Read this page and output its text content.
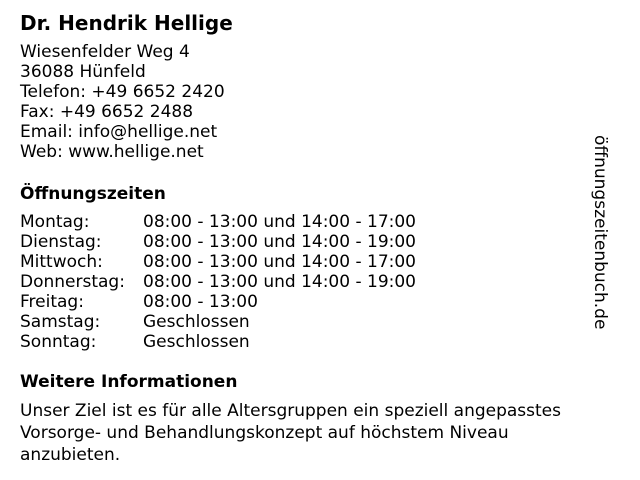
Dr. Hendrik Hellige
Wiesenfelder Weg 4
36088 Hünfeld
Telefon: +49 6652 2420
Fax: +49 6652 2488
Email: info@hellige.net
Web: www.hellige.net
Öffnungszeiten
Montag:	08:00 - 13:00 und 14:00 - 17:00
Dienstag:	08:00 - 13:00 und 14:00 - 19:00
Mittwoch:	08:00 - 13:00 und 14:00 - 17:00
Donnerstag:	08:00 - 13:00 und 14:00 - 19:00
Freitag:	08:00 - 13:00
Samstag:	Geschlossen
Sonntag:	Geschlossen
Weitere Informationen
Unser Ziel ist es für alle Altersgruppen ein speziell angepasstes Vorsorge- und Behandlungskonzept auf höchstem Niveau anzubieten.
öffnungszeitenbuch.de
